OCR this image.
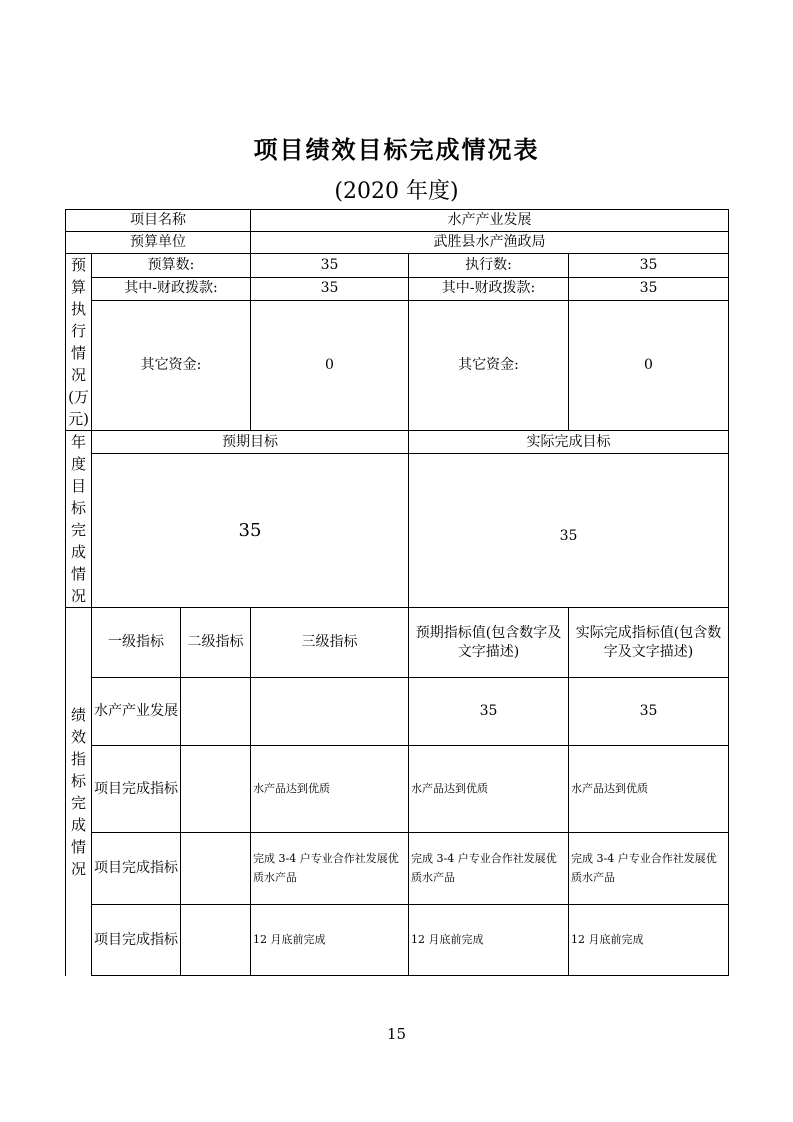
项目绩效目标完成情况表
(2020 年度)
项目名称			水产产业发展		
预算单位			武胜县水产渔政局		
预算执行情况(万元)	预算数:		35	执行数:	35
	其中-财政拨款:		35	其中-财政拨款:	35
	其它资金:		0	其它资金:	0
年度目标完成情况	预期目标			实际完成目标	
	35			35	
绩效指标完成情况	一级指标	二级指标	三级指标	预期指标值(包含数字及文字描述)	实际完成指标值(包含数字及文字描述)
	水产产业发展			35	35
	项目完成指标		水产品达到优质	水产品达到优质	水产品达到优质
	项目完成指标		完成 3-4 户专业合作社发展优质水产品	完成 3-4 户专业合作社发展优质水产品	完成 3-4 户专业合作社发展优质水产品
	项目完成指标		12 月底前完成	12 月底前完成	12 月底前完成
15
